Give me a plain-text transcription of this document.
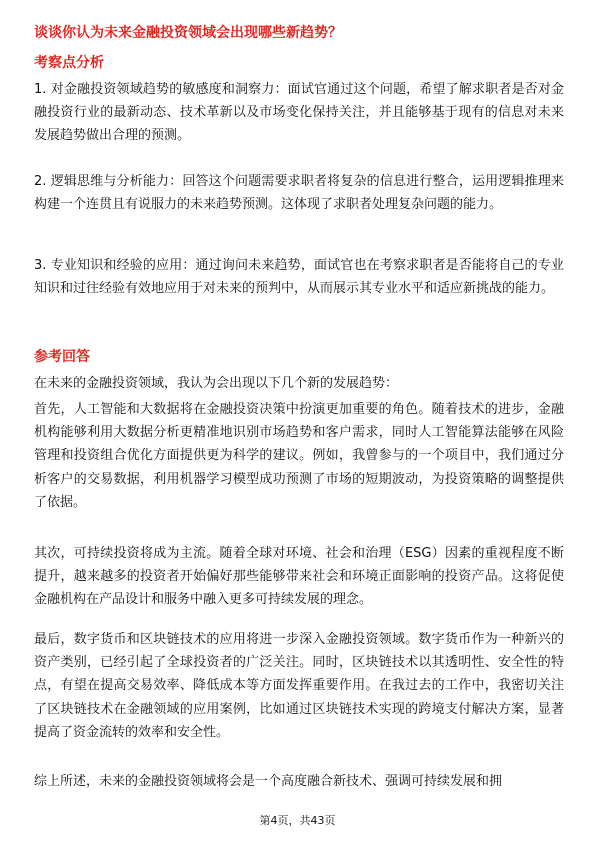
谈谈你认为未来金融投资领域会出现哪些新趋势？
考察点分析
1. 对金融投资领域趋势的敏感度和洞察力：面试官通过这个问题，希望了解求职者是否对金融投资行业的最新动态、技术革新以及市场变化保持关注，并且能够基于现有的信息对未来发展趋势做出合理的预测。
2. 逻辑思维与分析能力：回答这个问题需要求职者将复杂的信息进行整合，运用逻辑推理来构建一个连贯且有说服力的未来趋势预测。这体现了求职者处理复杂问题的能力。
3. 专业知识和经验的应用：通过询问未来趋势，面试官也在考察求职者是否能将自己的专业知识和过往经验有效地应用于对未来的预判中，从而展示其专业水平和适应新挑战的能力。
参考回答
在未来的金融投资领域，我认为会出现以下几个新的发展趋势：
首先，人工智能和大数据将在金融投资决策中扮演更加重要的角色。随着技术的进步，金融机构能够利用大数据分析更精准地识别市场趋势和客户需求，同时人工智能算法能够在风险管理和投资组合优化方面提供更为科学的建议。例如，我曾参与的一个项目中，我们通过分析客户的交易数据，利用机器学习模型成功预测了市场的短期波动，为投资策略的调整提供了依据。
其次，可持续投资将成为主流。随着全球对环境、社会和治理（ESG）因素的重视程度不断提升，越来越多的投资者开始偏好那些能够带来社会和环境正面影响的投资产品。这将促使金融机构在产品设计和服务中融入更多可持续发展的理念。
最后，数字货币和区块链技术的应用将进一步深入金融投资领域。数字货币作为一种新兴的资产类别，已经引起了全球投资者的广泛关注。同时，区块链技术以其透明性、安全性的特点，有望在提高交易效率、降低成本等方面发挥重要作用。在我过去的工作中，我密切关注了区块链技术在金融领域的应用案例，比如通过区块链技术实现的跨境支付解决方案，显著提高了资金流转的效率和安全性。
综上所述，未来的金融投资领域将会是一个高度融合新技术、强调可持续发展和拥
第4页，共43页
